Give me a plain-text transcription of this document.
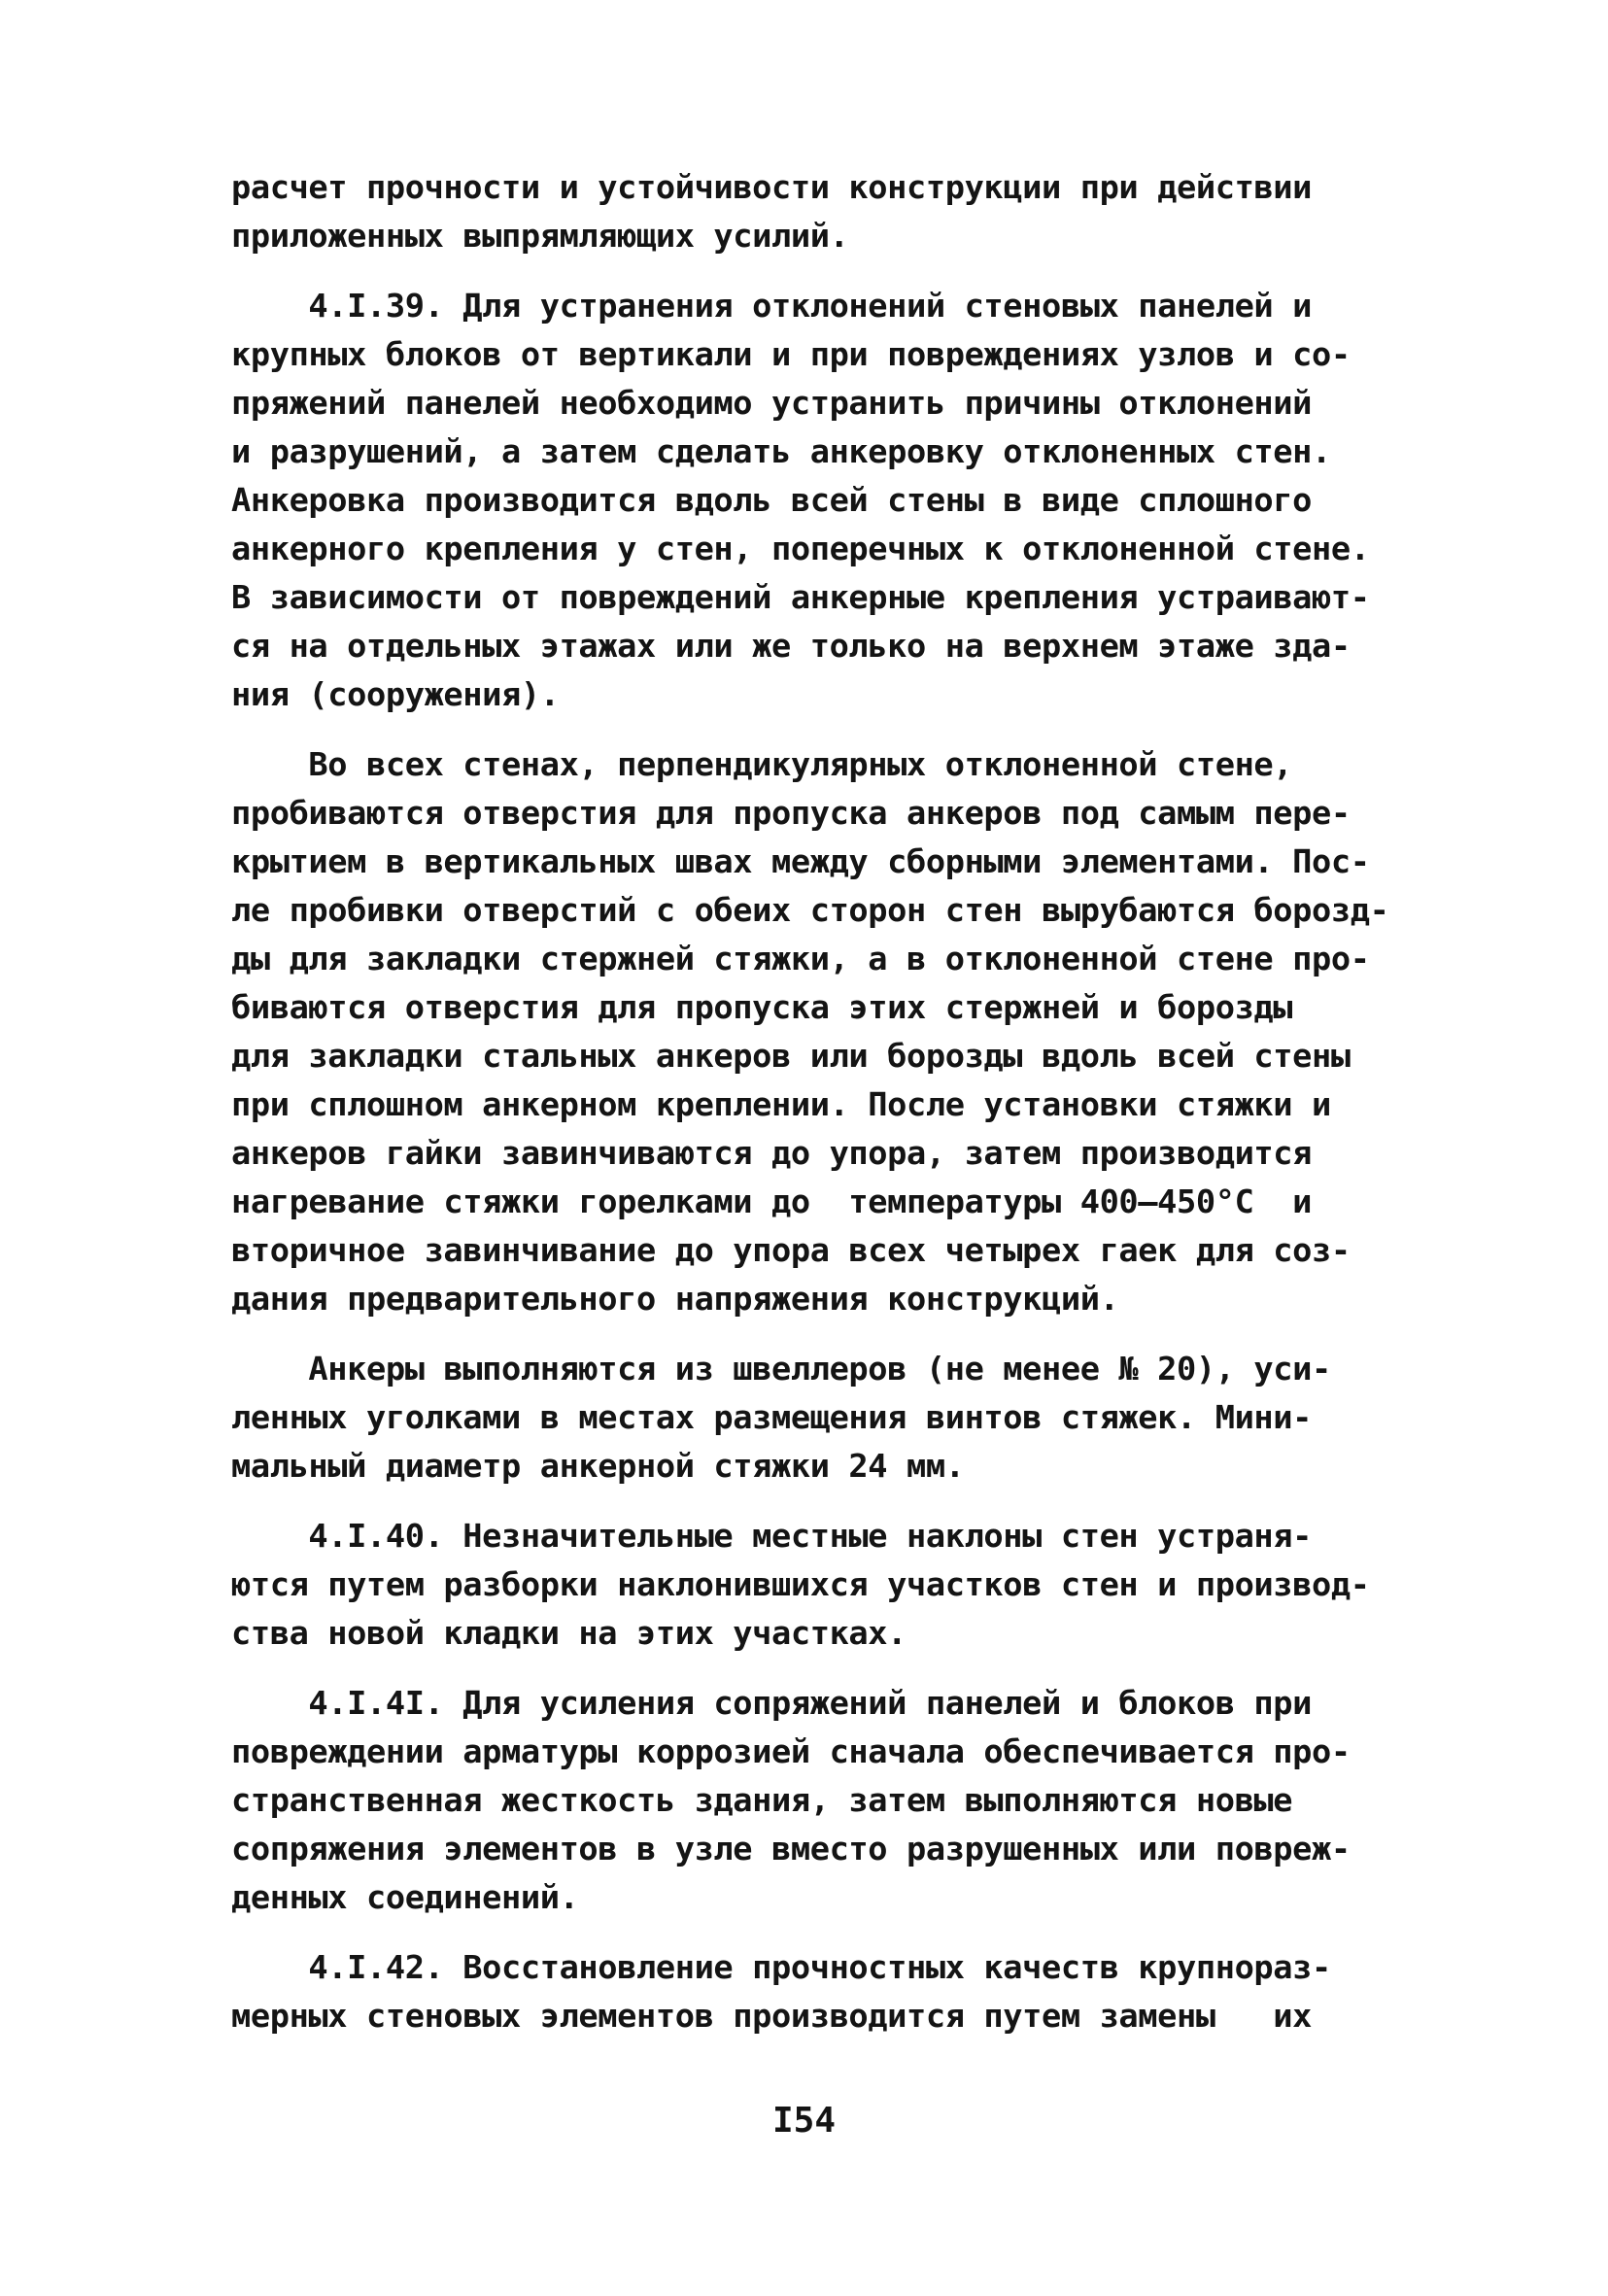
расчет прочности и устойчивости конструкции при действии
приложенных выпрямляющих усилий.
4.I.39. Для устранения отклонений стеновых панелей и
крупных блоков от вертикали и при повреждениях узлов и со-
пряжений панелей необходимо устранить причины отклонений
и разрушений, а затем сделать анкеровку отклоненных стен.
Анкеровка производится вдоль всей стены в виде сплошного
анкерного крепления у стен, поперечных к отклоненной стене.
В зависимости от повреждений анкерные крепления устраивают-
ся на отдельных этажах или же только на верхнем этаже зда-
ния (сооружения).
Во всех стенах, перпендикулярных отклоненной стене,
пробиваются отверстия для пропуска анкеров под самым пере-
крытием в вертикальных швах между сборными элементами. Пос-
ле пробивки отверстий с обеих сторон стен вырубаются борозд-
ды для закладки стержней стяжки, а в отклоненной стене про-
биваются отверстия для пропуска этих стержней и борозды
для закладки стальных анкеров или борозды вдоль всей стены
при сплошном анкерном креплении. После установки стяжки и
анкеров гайки завинчиваются до упора, затем производится
нагревание стяжки горелками до  температуры 400–450°С  и
вторичное завинчивание до упора всех четырех гаек для соз-
дания предварительного напряжения конструкций.
Анкеры выполняются из швеллеров (не менее № 20), уси-
ленных уголками в местах размещения винтов стяжек. Мини-
мальный диаметр анкерной стяжки 24 мм.
4.I.40. Незначительные местные наклоны стен устраня-
ются путем разборки наклонившихся участков стен и производ-
ства новой кладки на этих участках.
4.I.4I. Для усиления сопряжений панелей и блоков при
повреждении арматуры коррозией сначала обеспечивается про-
странственная жесткость здания, затем выполняются новые
сопряжения элементов в узле вместо разрушенных или повреж-
денных соединений.
4.I.42. Восстановление прочностных качеств крупнораз-
мерных стеновых элементов производится путем замены   их
I54
